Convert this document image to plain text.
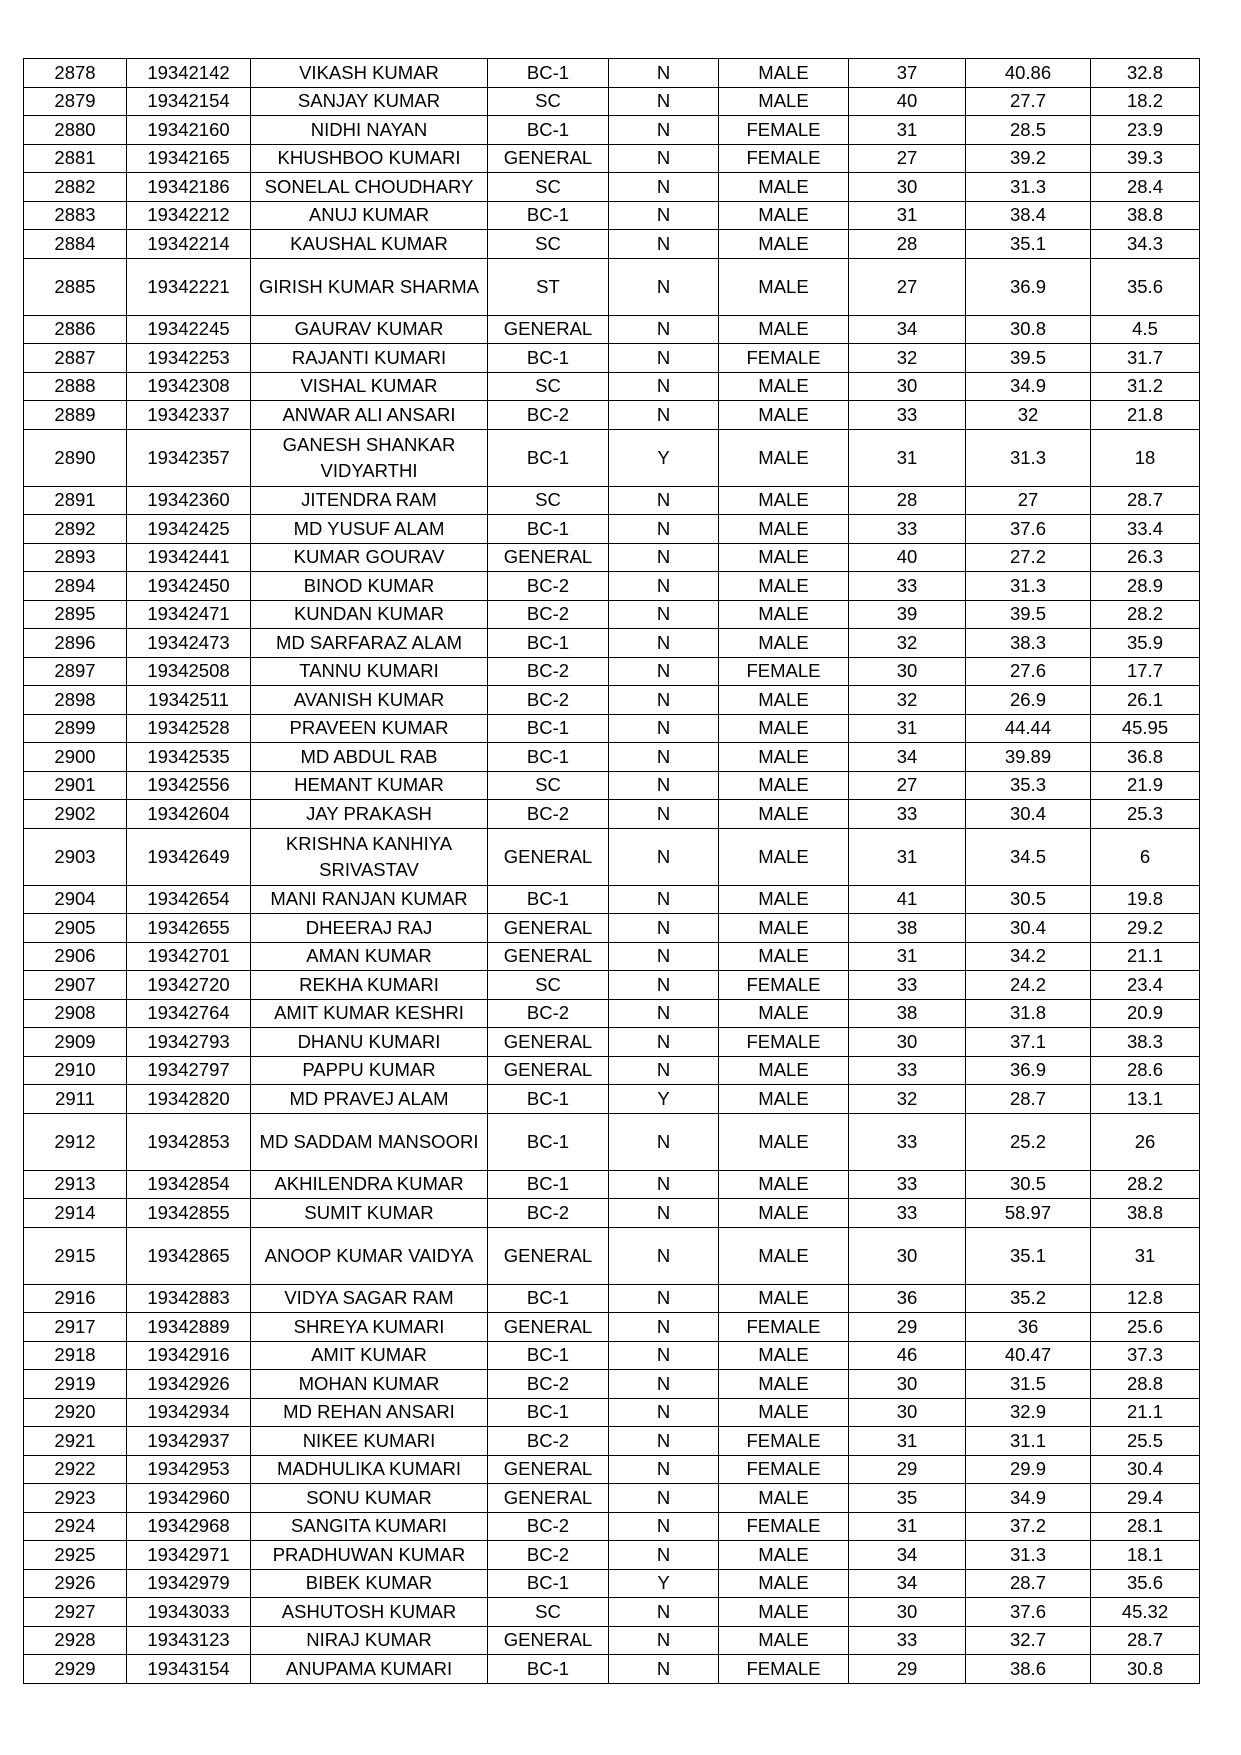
2878	19342142	VIKASH KUMAR	BC-1	N	MALE	37	40.86	32.8
2879	19342154	SANJAY KUMAR	SC	N	MALE	40	27.7	18.2
2880	19342160	NIDHI NAYAN	BC-1	N	FEMALE	31	28.5	23.9
2881	19342165	KHUSHBOO KUMARI	GENERAL	N	FEMALE	27	39.2	39.3
2882	19342186	SONELAL CHOUDHARY	SC	N	MALE	30	31.3	28.4
2883	19342212	ANUJ KUMAR	BC-1	N	MALE	31	38.4	38.8
2884	19342214	KAUSHAL KUMAR	SC	N	MALE	28	35.1	34.3
2885	19342221	GIRISH KUMAR SHARMA	ST	N	MALE	27	36.9	35.6
2886	19342245	GAURAV KUMAR	GENERAL	N	MALE	34	30.8	4.5
2887	19342253	RAJANTI KUMARI	BC-1	N	FEMALE	32	39.5	31.7
2888	19342308	VISHAL KUMAR	SC	N	MALE	30	34.9	31.2
2889	19342337	ANWAR ALI ANSARI	BC-2	N	MALE	33	32	21.8
2890	19342357	GANESH SHANKAR VIDYARTHI	BC-1	Y	MALE	31	31.3	18
2891	19342360	JITENDRA RAM	SC	N	MALE	28	27	28.7
2892	19342425	MD YUSUF ALAM	BC-1	N	MALE	33	37.6	33.4
2893	19342441	KUMAR GOURAV	GENERAL	N	MALE	40	27.2	26.3
2894	19342450	BINOD KUMAR	BC-2	N	MALE	33	31.3	28.9
2895	19342471	KUNDAN KUMAR	BC-2	N	MALE	39	39.5	28.2
2896	19342473	MD SARFARAZ ALAM	BC-1	N	MALE	32	38.3	35.9
2897	19342508	TANNU KUMARI	BC-2	N	FEMALE	30	27.6	17.7
2898	19342511	AVANISH KUMAR	BC-2	N	MALE	32	26.9	26.1
2899	19342528	PRAVEEN KUMAR	BC-1	N	MALE	31	44.44	45.95
2900	19342535	MD ABDUL RAB	BC-1	N	MALE	34	39.89	36.8
2901	19342556	HEMANT KUMAR	SC	N	MALE	27	35.3	21.9
2902	19342604	JAY PRAKASH	BC-2	N	MALE	33	30.4	25.3
2903	19342649	KRISHNA KANHIYA SRIVASTAV	GENERAL	N	MALE	31	34.5	6
2904	19342654	MANI RANJAN KUMAR	BC-1	N	MALE	41	30.5	19.8
2905	19342655	DHEERAJ RAJ	GENERAL	N	MALE	38	30.4	29.2
2906	19342701	AMAN KUMAR	GENERAL	N	MALE	31	34.2	21.1
2907	19342720	REKHA KUMARI	SC	N	FEMALE	33	24.2	23.4
2908	19342764	AMIT KUMAR KESHRI	BC-2	N	MALE	38	31.8	20.9
2909	19342793	DHANU KUMARI	GENERAL	N	FEMALE	30	37.1	38.3
2910	19342797	PAPPU KUMAR	GENERAL	N	MALE	33	36.9	28.6
2911	19342820	MD PRAVEJ ALAM	BC-1	Y	MALE	32	28.7	13.1
2912	19342853	MD SADDAM MANSOORI	BC-1	N	MALE	33	25.2	26
2913	19342854	AKHILENDRA KUMAR	BC-1	N	MALE	33	30.5	28.2
2914	19342855	SUMIT KUMAR	BC-2	N	MALE	33	58.97	38.8
2915	19342865	ANOOP KUMAR VAIDYA	GENERAL	N	MALE	30	35.1	31
2916	19342883	VIDYA SAGAR RAM	BC-1	N	MALE	36	35.2	12.8
2917	19342889	SHREYA KUMARI	GENERAL	N	FEMALE	29	36	25.6
2918	19342916	AMIT KUMAR	BC-1	N	MALE	46	40.47	37.3
2919	19342926	MOHAN KUMAR	BC-2	N	MALE	30	31.5	28.8
2920	19342934	MD REHAN ANSARI	BC-1	N	MALE	30	32.9	21.1
2921	19342937	NIKEE KUMARI	BC-2	N	FEMALE	31	31.1	25.5
2922	19342953	MADHULIKA KUMARI	GENERAL	N	FEMALE	29	29.9	30.4
2923	19342960	SONU KUMAR	GENERAL	N	MALE	35	34.9	29.4
2924	19342968	SANGITA KUMARI	BC-2	N	FEMALE	31	37.2	28.1
2925	19342971	PRADHUWAN KUMAR	BC-2	N	MALE	34	31.3	18.1
2926	19342979	BIBEK KUMAR	BC-1	Y	MALE	34	28.7	35.6
2927	19343033	ASHUTOSH KUMAR	SC	N	MALE	30	37.6	45.32
2928	19343123	NIRAJ KUMAR	GENERAL	N	MALE	33	32.7	28.7
2929	19343154	ANUPAMA KUMARI	BC-1	N	FEMALE	29	38.6	30.8
